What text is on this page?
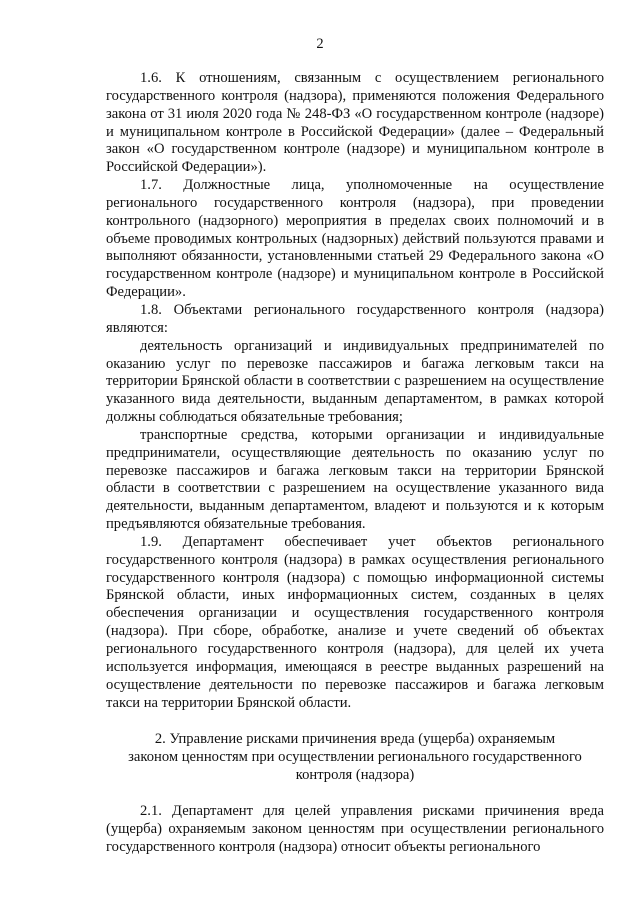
2

1.6. К отношениям, связанным с осуществлением регионального государственного контроля (надзора), применяются положения Федерального закона от 31 июля 2020 года № 248-ФЗ «О государственном контроле (надзоре) и муниципальном контроле в Российской Федерации» (далее – Федеральный закон «О государственном контроле (надзоре) и муниципальном контроле в Российской Федерации»).

1.7. Должностные лица, уполномоченные на осуществление регионального государственного контроля (надзора), при проведении контрольного (надзорного) мероприятия в пределах своих полномочий и в объеме проводимых контрольных (надзорных) действий пользуются правами и выполняют обязанности, установленными статьей 29 Федерального закона «О государственном контроле (надзоре) и муниципальном контроле в Российской Федерации».

1.8. Объектами регионального государственного контроля (надзора) являются:

деятельность организаций и индивидуальных предпринимателей по оказанию услуг по перевозке пассажиров и багажа легковым такси на территории Брянской области в соответствии с разрешением на осуществление указанного вида деятельности, выданным департаментом, в рамках которой должны соблюдаться обязательные требования;

транспортные средства, которыми организации и индивидуальные предприниматели, осуществляющие деятельность по оказанию услуг по перевозке пассажиров и багажа легковым такси на территории Брянской области в соответствии с разрешением на осуществление указанного вида деятельности, выданным департаментом, владеют и пользуются и к которым предъявляются обязательные требования.

1.9. Департамент обеспечивает учет объектов регионального государственного контроля (надзора) в рамках осуществления регионального государственного контроля (надзора) с помощью информационной системы Брянской области, иных информационных систем, созданных в целях обеспечения организации и осуществления государственного контроля (надзора). При сборе, обработке, анализе и учете сведений об объектах регионального государственного контроля (надзора), для целей их учета используется информация, имеющаяся в реестре выданных разрешений на осуществление деятельности по перевозке пассажиров и багажа легковым такси на территории Брянской области.

2. Управление рисками причинения вреда (ущерба) охраняемым
законом ценностям при осуществлении регионального государственного
контроля (надзора)

2.1. Департамент для целей управления рисками причинения вреда (ущерба) охраняемым законом ценностям при осуществлении регионального государственного контроля (надзора) относит объекты регионального
